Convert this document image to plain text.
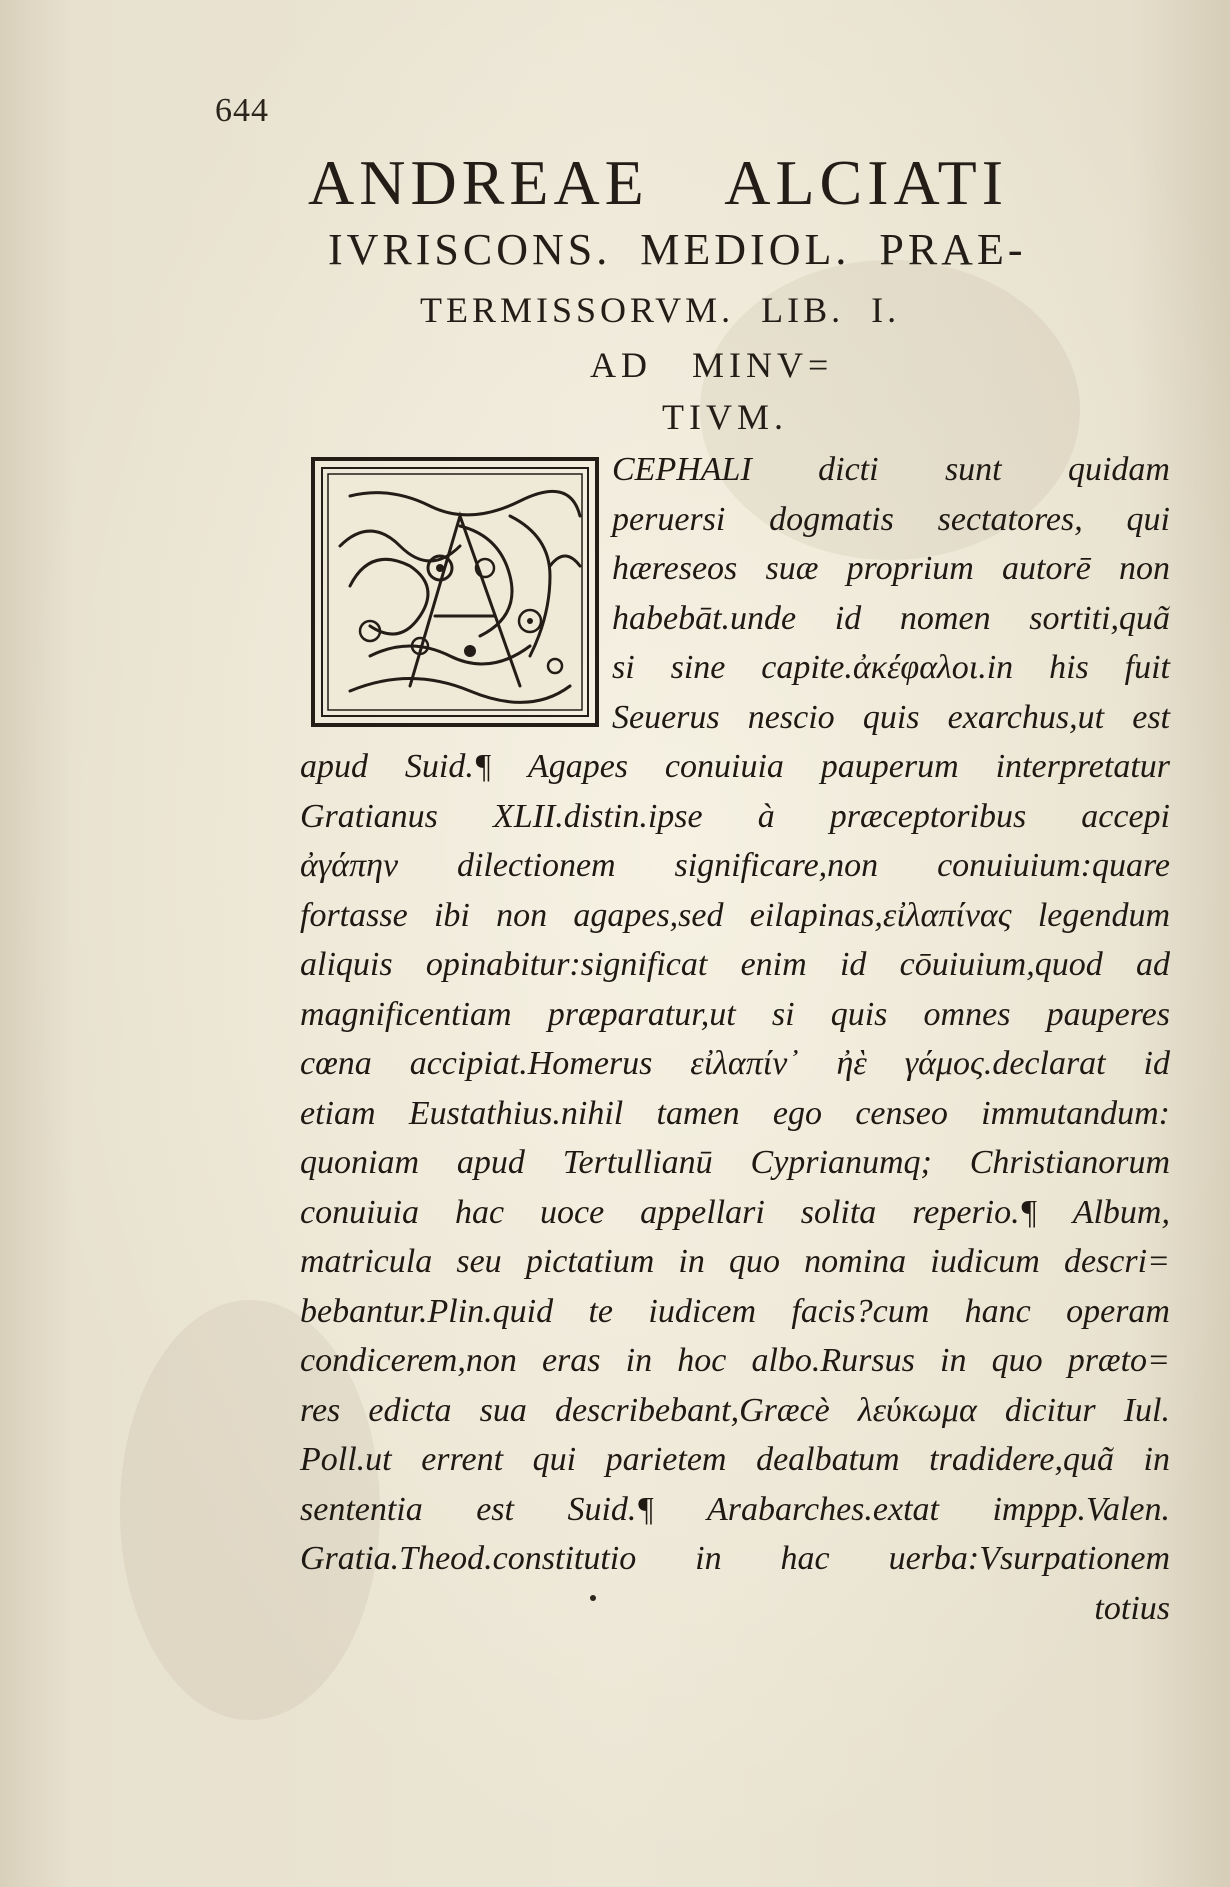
644
ANDREAE ALCIATI
IVRISCONS. MEDIOL. PRAE-
TERMISSORVM. LIB. I.
AD MINV=
TIVM.
CEPHALI dicti sunt quidam
peruersi dogmatis sectatores, qui
hæreseos suæ proprium autorē non
habebāt.unde id nomen sortiti,quã
si sine capite.ἀκέφαλοι.in his fuit
Seuerus nescio quis exarchus,ut est
apud Suid.¶ Agapes conuiuia pauperum interpretatur
Gratianus XLII.distin.ipse à præceptoribus accepi
ἀγάπην dilectionem significare,non conuiuium:quare
fortasse ibi non agapes,sed eilapinas,εἰλαπίνας legendum
aliquis opinabitur:significat enim id cōuiuium,quod ad
magnificentiam præparatur,ut si quis omnes pauperes
cœna accipiat.Homerus εἰλαπίν᾽ ἠὲ γάμος.declarat id
etiam Eustathius.nihil tamen ego censeo immutandum:
quoniam apud Tertullianū Cyprianumq; Christianorum
conuiuia hac uoce appellari solita reperio.¶ Album,
matricula seu pictatium in quo nomina iudicum descri=
bebantur.Plin.quid te iudicem facis?cum hanc operam
condicerem,non eras in hoc albo.Rursus in quo præto=
res edicta sua describebant,Græcè λεύκωμα dicitur Iul.
Poll.ut errent qui parietem dealbatum tradidere,quã in
sententia est Suid.¶ Arabarches.extat imppp.Valen.
Gratia.Theod.constitutio in hac uerba:Vsurpationem
totius
